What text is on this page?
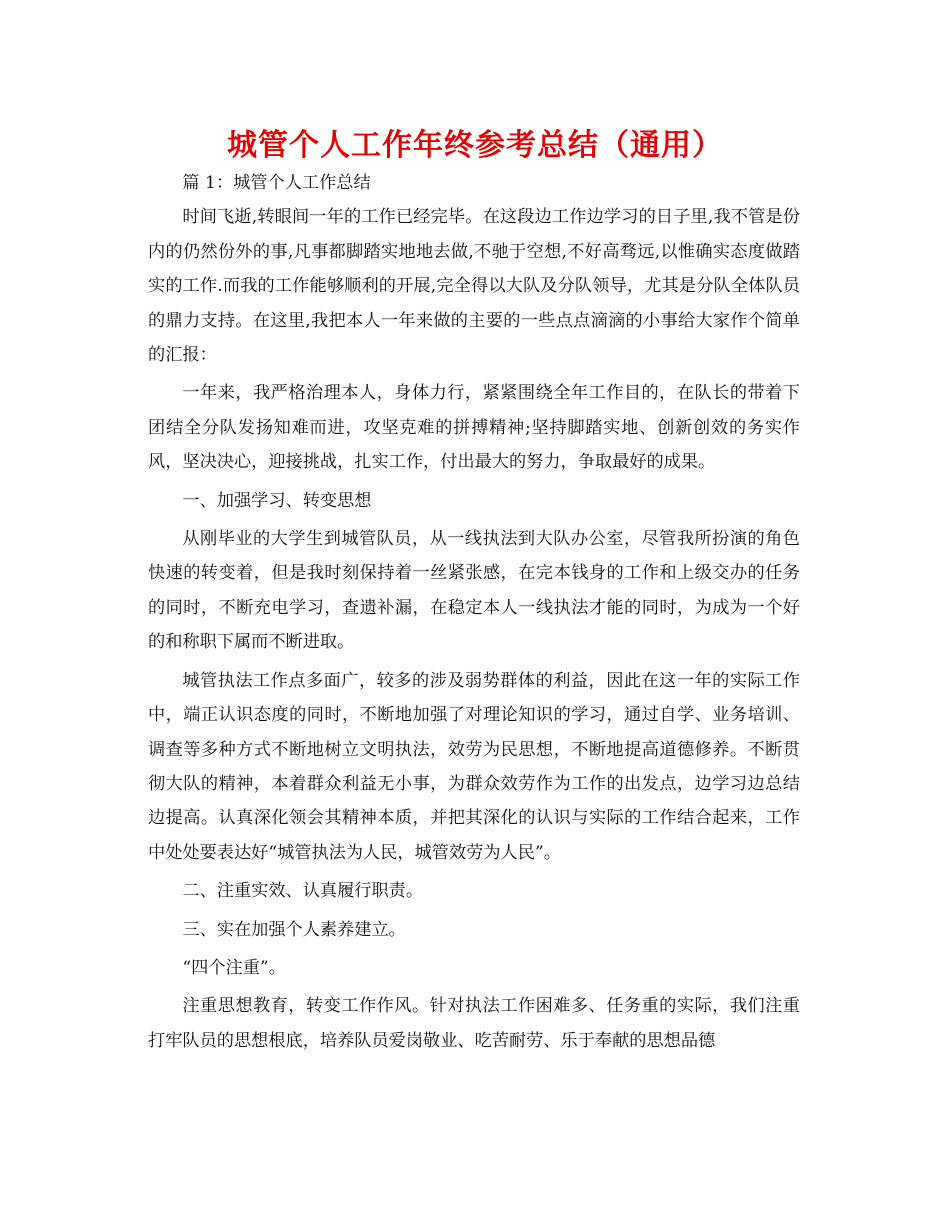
城管个人工作年终参考总结（通用）

篇 1：城管个人工作总结

时间飞逝,转眼间一年的工作已经完毕。在这段边工作边学习的日子里,我不管是份内的仍然份外的事,凡事都脚踏实地地去做,不驰于空想,不好高骛远,以惟确实态度做踏实的工作.而我的工作能够顺利的开展,完全得以大队及分队领导，尤其是分队全体队员的鼎力支持。在这里,我把本人一年来做的主要的一些点点滴滴的小事给大家作个简单的汇报：

一年来，我严格治理本人，身体力行，紧紧围绕全年工作目的，在队长的带着下团结全分队发扬知难而进，攻坚克难的拼搏精神;坚持脚踏实地、创新创效的务实作风，坚决决心，迎接挑战，扎实工作，付出最大的努力，争取最好的成果。

一、加强学习、转变思想

从刚毕业的大学生到城管队员，从一线执法到大队办公室，尽管我所扮演的角色快速的转变着，但是我时刻保持着一丝紧张感，在完本钱身的工作和上级交办的任务的同时，不断充电学习，查遗补漏，在稳定本人一线执法才能的同时，为成为一个好的和称职下属而不断进取。

城管执法工作点多面广，较多的涉及弱势群体的利益，因此在这一年的实际工作中，端正认识态度的同时，不断地加强了对理论知识的学习，通过自学、业务培训、调查等多种方式不断地树立文明执法，效劳为民思想，不断地提高道德修养。不断贯彻大队的精神，本着群众利益无小事，为群众效劳作为工作的出发点，边学习边总结边提高。认真深化领会其精神本质，并把其深化的认识与实际的工作结合起来，工作中处处要表达好“城管执法为人民，城管效劳为人民”。

二、注重实效、认真履行职责。

三、实在加强个人素养建立。

“四个注重”。

注重思想教育，转变工作作风。针对执法工作困难多、任务重的实际，我们注重打牢队员的思想根底，培养队员爱岗敬业、吃苦耐劳、乐于奉献的思想品德
